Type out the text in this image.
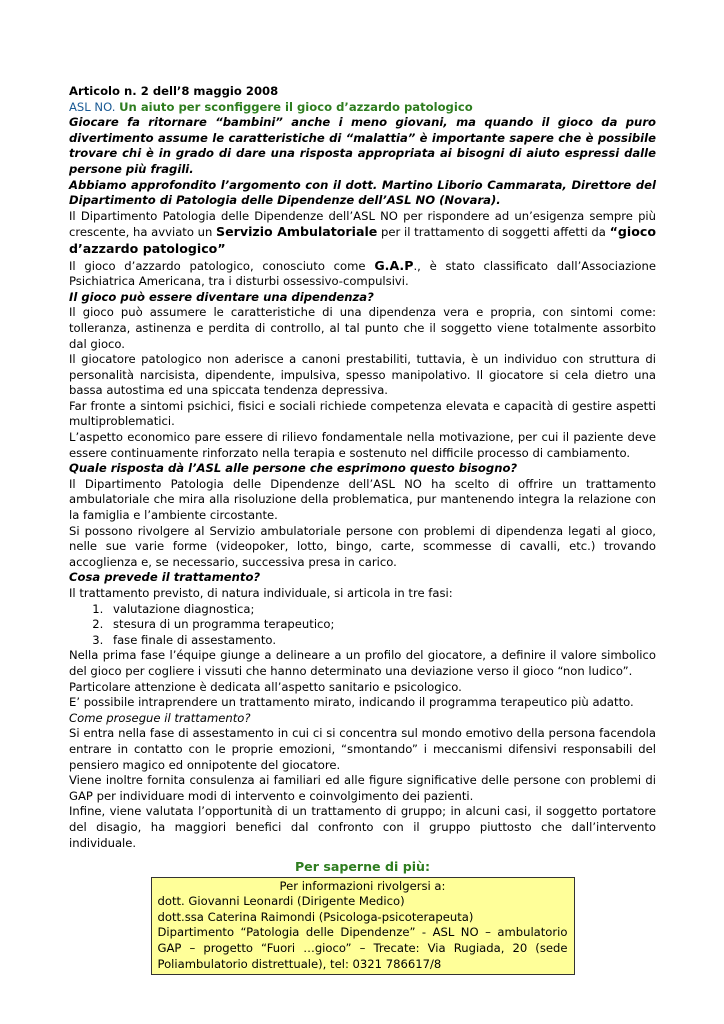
Articolo n. 2 dell’8 maggio 2008

ASL NO. Un aiuto per sconfiggere il gioco d’azzardo patologico

Giocare fa ritornare “bambini” anche i meno giovani, ma quando il gioco da puro divertimento assume le caratteristiche di “malattia” è importante sapere che è possibile trovare chi è in grado di dare una risposta appropriata ai bisogni di aiuto espressi dalle persone più fragili.

Abbiamo approfondito l’argomento con il dott. Martino Liborio Cammarata, Direttore del Dipartimento di Patologia delle Dipendenze dell’ASL NO (Novara).

Il Dipartimento Patologia delle Dipendenze dell’ASL NO per rispondere ad un’esigenza sempre più crescente, ha avviato un Servizio Ambulatoriale per il trattamento di soggetti affetti da “gioco d’azzardo patologico”

Il gioco d’azzardo patologico, conosciuto come G.A.P., è stato classificato dall’Associazione Psichiatrica Americana, tra i disturbi ossessivo-compulsivi.

Il gioco può essere diventare una dipendenza?

Il gioco può assumere le caratteristiche di una dipendenza vera e propria, con sintomi come: tolleranza, astinenza e perdita di controllo, al tal punto che il soggetto viene totalmente assorbito dal gioco.

Il giocatore patologico non aderisce a canoni prestabiliti, tuttavia, è un individuo con struttura di personalità narcisista, dipendente, impulsiva, spesso manipolativo. Il giocatore si cela dietro una bassa autostima ed una spiccata tendenza depressiva.

Far fronte a sintomi psichici, fisici e sociali richiede competenza elevata e capacità di gestire aspetti multiproblematici.

L’aspetto economico pare essere di rilievo fondamentale nella motivazione, per cui il paziente deve essere continuamente rinforzato nella terapia e sostenuto nel difficile processo di cambiamento.

Quale risposta dà l’ASL alle persone che esprimono questo bisogno?

Il Dipartimento Patologia delle Dipendenze dell’ASL NO ha scelto di offrire un trattamento ambulatoriale che mira alla risoluzione della problematica, pur mantenendo integra la relazione con la famiglia e l’ambiente circostante.

Si possono rivolgere al Servizio ambulatoriale persone con problemi di dipendenza legati al gioco, nelle sue varie forme (videopoker, lotto, bingo, carte, scommesse di cavalli, etc.) trovando accoglienza e, se necessario, successiva presa in carico.

Cosa prevede il trattamento?

Il trattamento previsto, di natura individuale, si articola in tre fasi:

1. valutazione diagnostica;
2. stesura di un programma terapeutico;
3. fase finale di assestamento.

Nella prima fase l’équipe giunge a delineare a un profilo del giocatore, a definire il valore simbolico del gioco per cogliere i vissuti che hanno determinato una deviazione verso il gioco “non ludico”.

Particolare attenzione è dedicata all’aspetto sanitario e psicologico.

E’ possibile intraprendere un trattamento mirato, indicando il programma terapeutico più adatto.

Come prosegue il trattamento?

Si entra nella fase di assestamento in cui ci si concentra sul mondo emotivo della persona facendola entrare in contatto con le proprie emozioni, “smontando” i meccanismi difensivi responsabili del pensiero magico ed onnipotente del giocatore.

Viene inoltre fornita consulenza ai familiari ed alle figure significative delle persone con problemi di GAP per individuare modi di intervento e coinvolgimento dei pazienti.

Infine, viene valutata l’opportunità di un trattamento di gruppo; in alcuni casi, il soggetto portatore del disagio, ha maggiori benefici dal confronto con il gruppo piuttosto che dall’intervento individuale.

Per saperne di più:

Per informazioni rivolgersi a:

dott. Giovanni Leonardi (Dirigente Medico)

dott.ssa Caterina Raimondi (Psicologa-psicoterapeuta)

Dipartimento “Patologia delle Dipendenze” - ASL NO – ambulatorio GAP – progetto “Fuori …gioco” – Trecate: Via Rugiada, 20 (sede Poliambulatorio distrettuale), tel: 0321 786617/8
